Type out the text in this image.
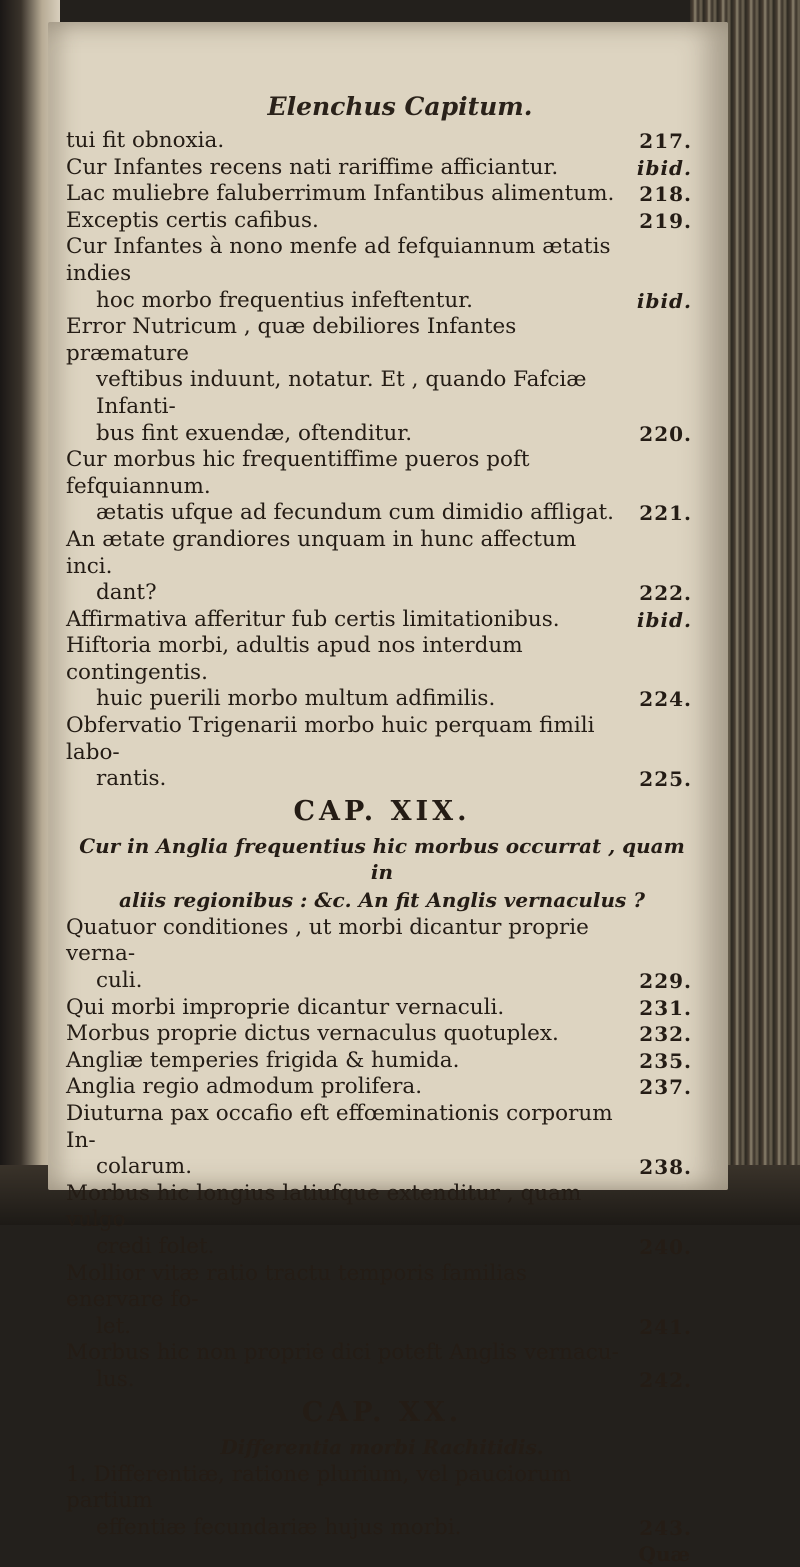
Elenchus Capitum.
tui fit obnoxia.	217.
Cur Infantes recens nati rariffime afficiantur.	ibid.
Lac muliebre faluberrimum Infantibus alimentum.	218.
Exceptis certis cafibus.	219.
Cur Infantes à nono menfe ad fefquiannum ætatis indies
hoc morbo frequentius infeftentur.	ibid.
Error Nutricum , quæ debiliores Infantes præmature
veftibus induunt, notatur. Et , quando Fafciæ Infanti-
bus fint exuendæ, oftenditur.	220.
Cur morbus hic frequentiffime pueros poft fefquiannum.
ætatis ufque ad fecundum cum dimidio affligat.	221.
An ætate grandiores unquam in hunc affectum inci.
dant?	222.
Affirmativa afferitur fub certis limitationibus.	ibid.
Hiftoria morbi, adultis apud nos interdum contingentis.
huic puerili morbo multum adfimilis.	224.
Obfervatio Trigenarii morbo huic perquam fimili labo-
rantis.	225.
CAP. XIX.
Cur in Anglia frequentius hic morbus occurrat , quam in
aliis regionibus : &c. An fit Anglis vernaculus ?
Quatuor conditiones , ut morbi dicantur proprie verna-
culi.	229.
Qui morbi improprie dicantur vernaculi.	231.
Morbus proprie dictus vernaculus quotuplex.	232.
Angliæ temperies frigida & humida.	235.
Anglia regio admodum prolifera.	237.
Diuturna pax occafio eft effœminationis corporum In-
colarum.	238.
Morbus hic longius latiufque extenditur , quam vulgo
credi folet.	240.
Mollior vitæ ratio tractu temporis familias enervare fo-
let.	241.
Morbus hic non proprie dici poteft Anglis vernacu-
lus.	242.
CAP. XX.
Differentia morbi Rachitidis.
1. Differentiæ, ratione plurium, vel pauciorum partium
effentiæ fecundariæ hujus morbi.	243.
Quæ
